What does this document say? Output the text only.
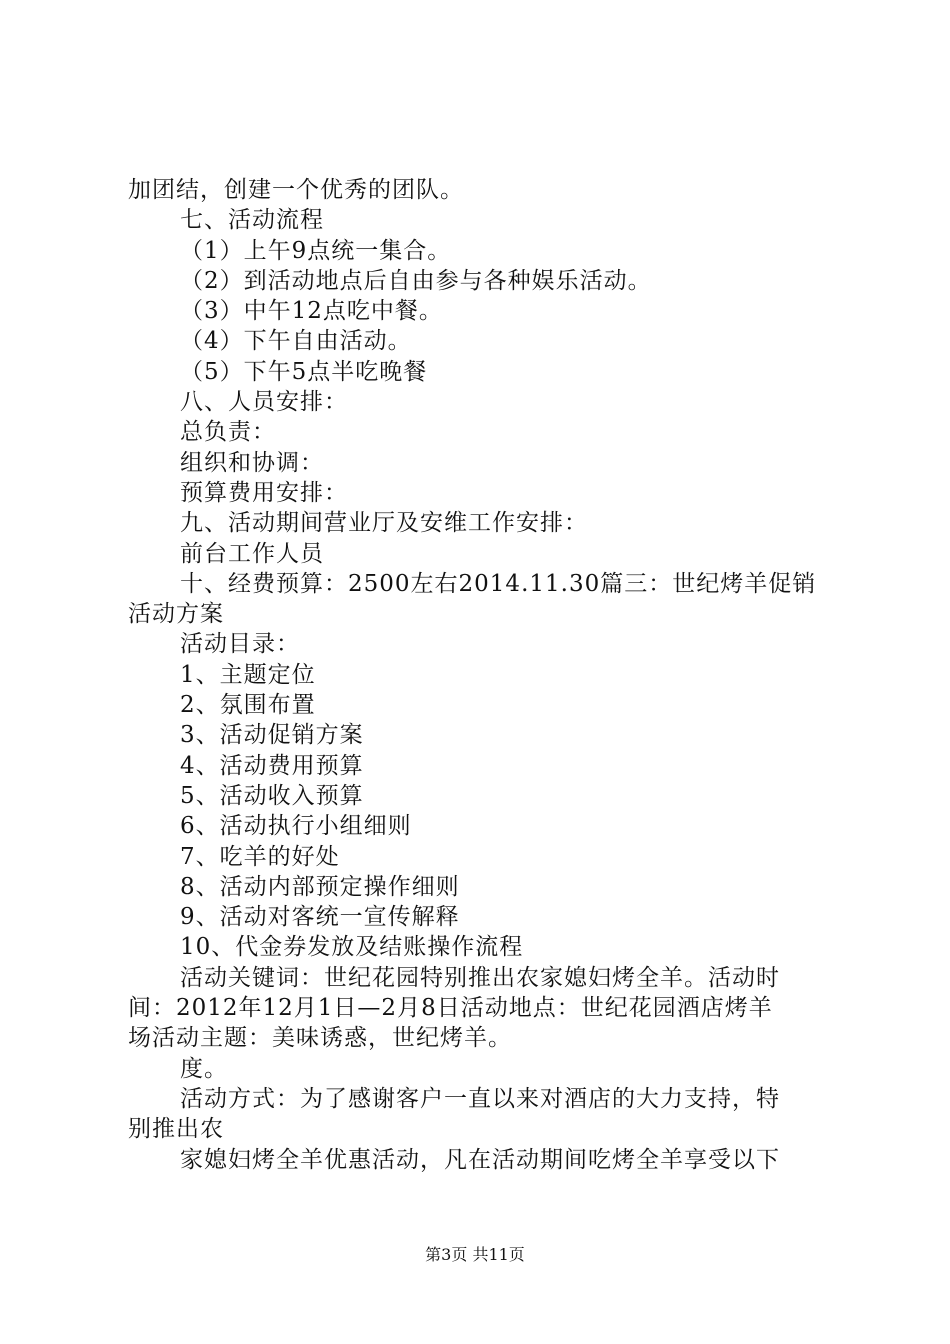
加团结，创建一个优秀的团队。
七、活动流程
（1）上午9点统一集合。
（2）到活动地点后自由参与各种娱乐活动。
（3）中午12点吃中餐。
（4）下午自由活动。
（5）下午5点半吃晚餐
八、人员安排：
总负责：
组织和协调：
预算费用安排：
九、活动期间营业厅及安维工作安排：
前台工作人员
十、经费预算：2500左右2014.11.30篇三：世纪烤羊促销
活动方案
活动目录：
1、主题定位
2、氛围布置
3、活动促销方案
4、活动费用预算
5、活动收入预算
6、活动执行小组细则
7、吃羊的好处
8、活动内部预定操作细则
9、活动对客统一宣传解释
10、代金券发放及结账操作流程
活动关键词：世纪花园特别推出农家媳妇烤全羊。活动时
间：2012年12月1日—2月8日活动地点：世纪花园酒店烤羊
场活动主题：美味诱惑，世纪烤羊。
度。
活动方式：为了感谢客户一直以来对酒店的大力支持，特
别推出农
家媳妇烤全羊优惠活动，凡在活动期间吃烤全羊享受以下
第3页 共11页
